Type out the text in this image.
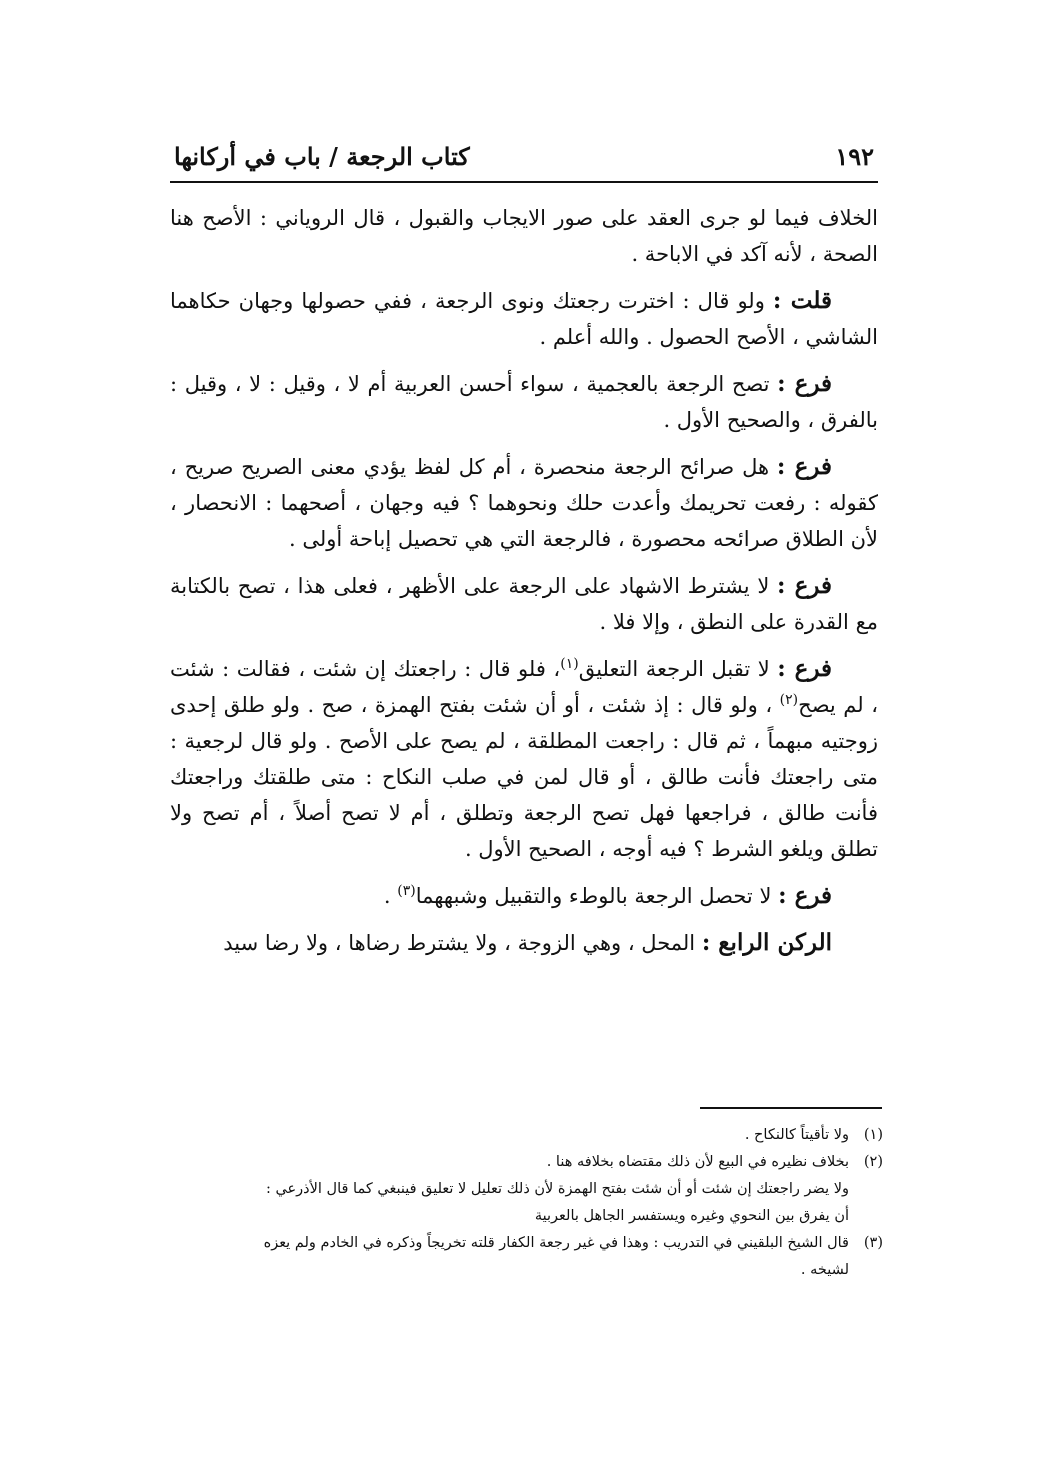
١٩٢
كتاب الرجعة / باب في أركانها

الخلاف فيما لو جرى العقد على صور الايجاب والقبول ، قال الروياني : الأصح هنا الصحة ، لأنه آكد في الاباحة .

قلت : ولو قال : اخترت رجعتك ونوى الرجعة ، ففي حصولها وجهان حكاهما الشاشي ، الأصح الحصول . والله أعلم .

فرع : تصح الرجعة بالعجمية ، سواء أحسن العربية أم لا ، وقيل : لا ، وقيل : بالفرق ، والصحيح الأول .

فرع : هل صرائح الرجعة منحصرة ، أم كل لفظ يؤدي معنى الصريح صريح ، كقوله : رفعت تحريمك وأعدت حلك ونحوهما ؟ فيه وجهان ، أصحهما : الانحصار ، لأن الطلاق صرائحه محصورة ، فالرجعة التي هي تحصيل إباحة أولى .

فرع : لا يشترط الاشهاد على الرجعة على الأظهر ، فعلى هذا ، تصح بالكتابة مع القدرة على النطق ، وإلا فلا .

فرع : لا تقبل الرجعة التعليق$^{(١)}$، فلو قال : راجعتك إن شئت ، فقالت : شئت ، لم يصح$^{(٢)}$ ، ولو قال : إذ شئت ، أو أن شئت بفتح الهمزة ، صح . ولو طلق إحدى زوجتيه مبهماً ، ثم قال : راجعت المطلقة ، لم يصح على الأصح . ولو قال لرجعية : متى راجعتك فأنت طالق ، أو قال لمن في صلب النكاح : متى طلقتك وراجعتك فأنت طالق ، فراجعها فهل تصح الرجعة وتطلق ، أم لا تصح أصلاً ، أم تصح ولا تطلق ويلغو الشرط ؟ فيه أوجه ، الصحيح الأول .

فرع : لا تحصل الرجعة بالوطء والتقبيل وشبههما$^{(٣)}$ .

الركن الرابع : المحل ، وهي الزوجة ، ولا يشترط رضاها ، ولا رضا سيد

(١)
ولا تأقيتاً كالنكاح .
(٢)
بخلاف نظيره في البيع لأن ذلك مقتضاه بخلافه هنا .
ولا يضر راجعتك إن شئت أو أن شئت بفتح الهمزة لأن ذلك تعليل لا تعليق فينبغي كما قال الأذرعي :
أن يفرق بين النحوي وغيره ويستفسر الجاهل بالعربية
(٣)
قال الشيخ البلقيني في التدريب : وهذا في غير رجعة الكفار قلته تخريجاً وذكره في الخادم ولم يعزه
لشيخه .
